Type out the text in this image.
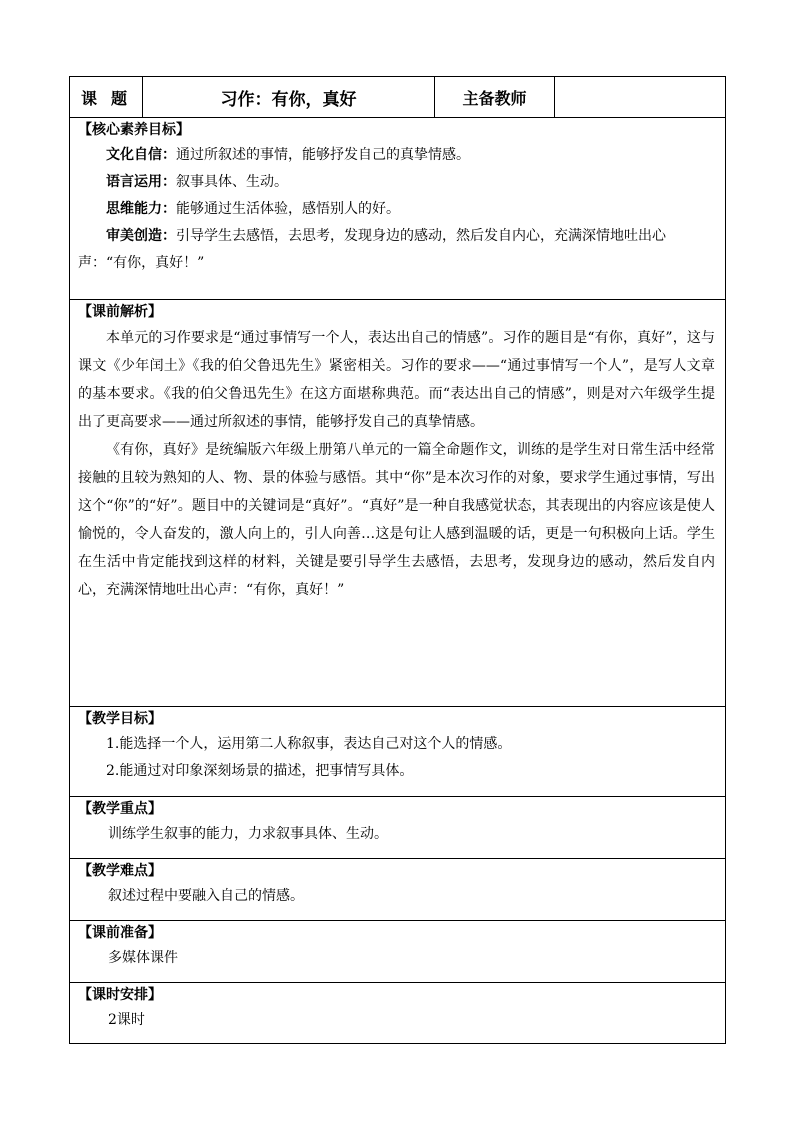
课题	习作：有你，真好	主备教师	

【核心素养目标】
文化自信：通过所叙述的事情，能够抒发自己的真挚情感。
语言运用：叙事具体、生动。
思维能力：能够通过生活体验，感悟别人的好。
审美创造：引导学生去感悟，去思考，发现身边的感动，然后发自内心，充满深情地吐出心声：“有你，真好！”

【课前解析】
本单元的习作要求是“通过事情写一个人，表达出自己的情感”。习作的题目是“有你，真好”，这与课文《少年闰土》《我的伯父鲁迅先生》紧密相关。习作的要求——“通过事情写一个人”，是写人文章的基本要求。《我的伯父鲁迅先生》在这方面堪称典范。而“表达出自己的情感”，则是对六年级学生提出了更高要求——通过所叙述的事情，能够抒发自己的真挚情感。
《有你，真好》是统编版六年级上册第八单元的一篇全命题作文，训练的是学生对日常生活中经常接触的且较为熟知的人、物、景的体验与感悟。其中“你”是本次习作的对象，要求学生通过事情，写出这个“你”的“好”。题目中的关键词是“真好”。“真好”是一种自我感觉状态，其表现出的内容应该是使人愉悦的，令人奋发的，激人向上的，引人向善…这是句让人感到温暖的话，更是一句积极向上话。学生在生活中肯定能找到这样的材料，关键是要引导学生去感悟，去思考，发现身边的感动，然后发自内心，充满深情地吐出心声：“有你，真好！”

【教学目标】
1.能选择一个人，运用第二人称叙事，表达自己对这个人的情感。
2.能通过对印象深刻场景的描述，把事情写具体。

【教学重点】
训练学生叙事的能力，力求叙事具体、生动。

【教学难点】
叙述过程中要融入自己的情感。

【课前准备】
多媒体课件

【课时安排】
2课时
